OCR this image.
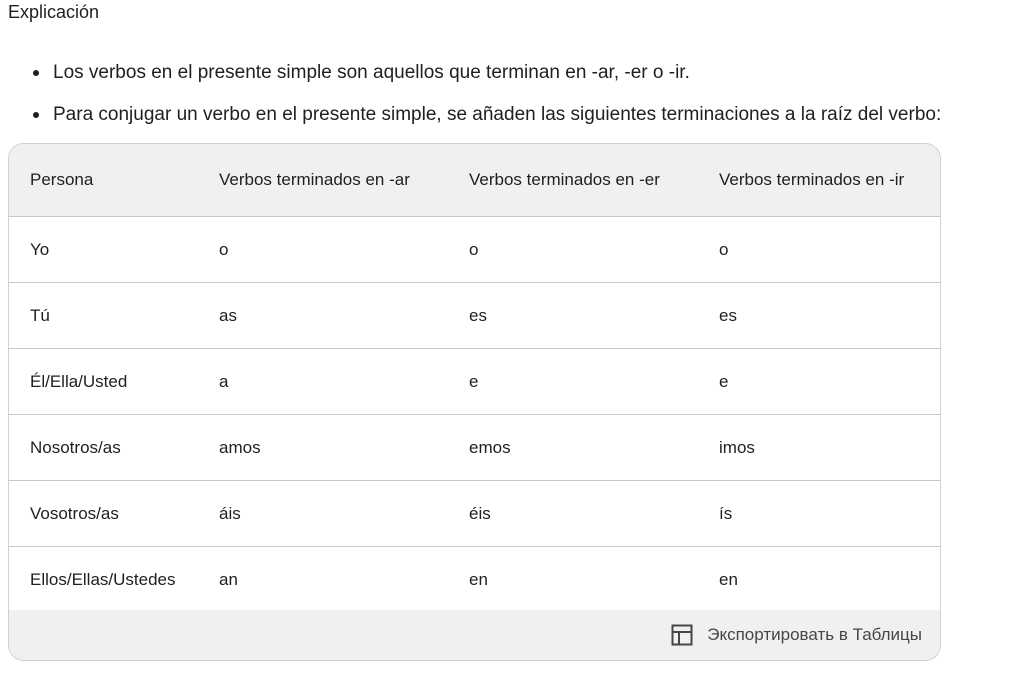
Explicación
Los verbos en el presente simple son aquellos que terminan en -ar, -er o -ir.
Para conjugar un verbo en el presente simple, se añaden las siguientes terminaciones a la raíz del verbo:
Persona	Verbos terminados en -ar	Verbos terminados en -er	Verbos terminados en -ir
Yo	o	o	o
Tú	as	es	es
Él/Ella/Usted	a	e	e
Nosotros/as	amos	emos	imos
Vosotros/as	áis	éis	ís
Ellos/Ellas/Ustedes	an	en	en
Экспортировать в Таблицы
